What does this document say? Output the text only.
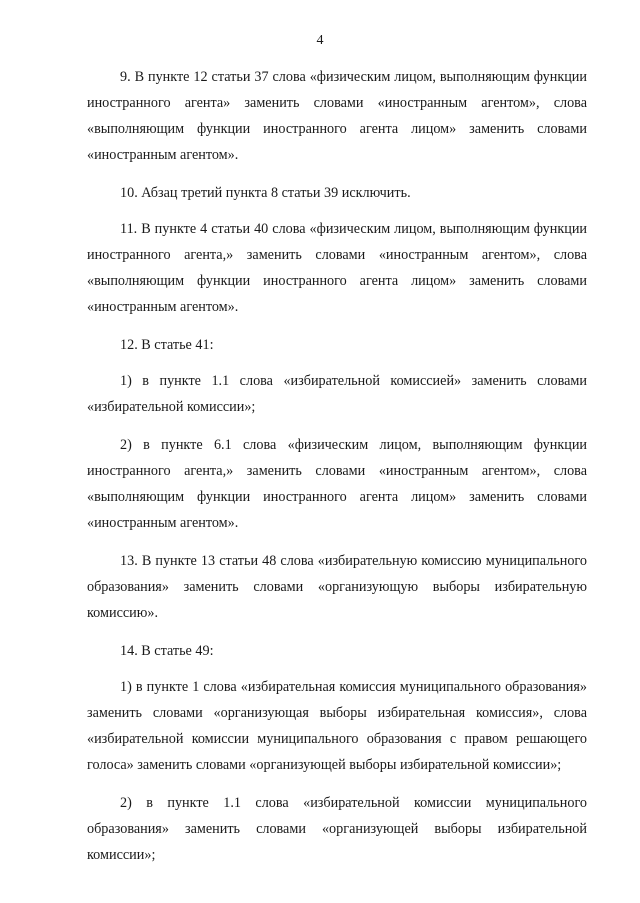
4

9. В пункте 12 статьи 37 слова «физическим лицом, выполняющим функции иностранного агента» заменить словами «иностранным агентом», слова «выполняющим функции иностранного агента лицом» заменить словами «иностранным агентом».

10. Абзац третий пункта 8 статьи 39 исключить.

11. В пункте 4 статьи 40 слова «физическим лицом, выполняющим функции иностранного агента,» заменить словами «иностранным агентом», слова «выполняющим функции иностранного агента лицом» заменить словами «иностранным агентом».

12. В статье 41:

1) в пункте 1.1 слова «избирательной комиссией» заменить словами «избирательной комиссии»;

2) в пункте 6.1 слова «физическим лицом, выполняющим функции иностранного агента,» заменить словами «иностранным агентом», слова «выполняющим функции иностранного агента лицом» заменить словами «иностранным агентом».

13. В пункте 13 статьи 48 слова «избирательную комиссию муниципального образования» заменить словами «организующую выборы избирательную комиссию».

14. В статье 49:

1) в пункте 1 слова «избирательная комиссия муниципального образования» заменить словами «организующая выборы избирательная комиссия», слова «избирательной комиссии муниципального образования с правом решающего голоса» заменить словами «организующей выборы избирательной комиссии»;

2) в пункте 1.1 слова «избирательной комиссии муниципального образования» заменить словами «организующей выборы избирательной комиссии»;
